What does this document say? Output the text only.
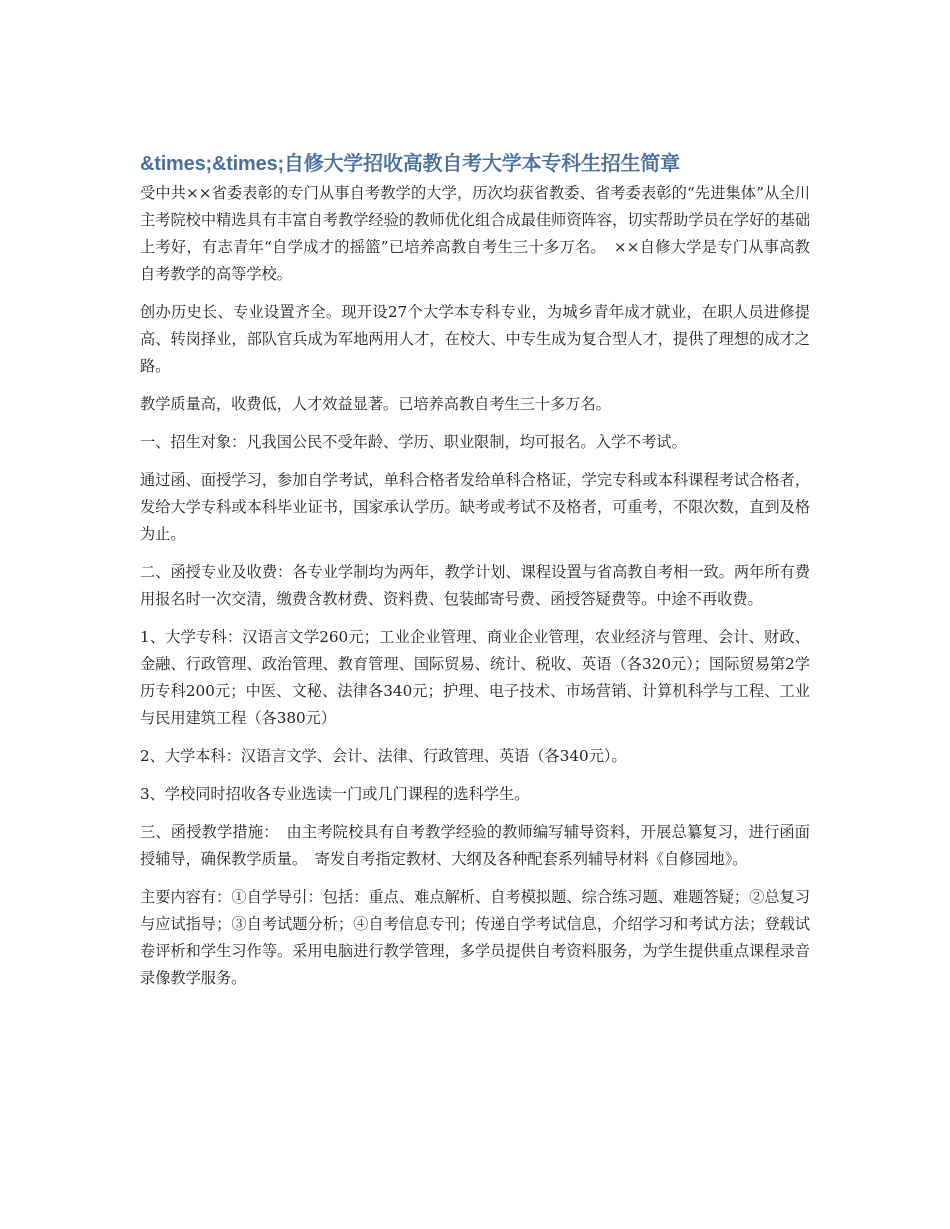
&times;&times;自修大学招收高教自考大学本专科生招生简章

受中共××省委表彰的专门从事自考教学的大学，历次均获省教委、省考委表彰的“先进集体”从全川主考院校中精选具有丰富自考教学经验的教师优化组合成最佳师资阵容，切实帮助学员在学好的基础上考好，有志青年“自学成才的摇篮”已培养高教自考生三十多万名。　××自修大学是专门从事高教自考教学的高等学校。

创办历史长、专业设置齐全。现开设27个大学本专科专业，为城乡青年成才就业，在职人员进修提高、转岗择业，部队官兵成为军地两用人才，在校大、中专生成为复合型人才，提供了理想的成才之路。

教学质量高，收费低，人才效益显著。已培养高教自考生三十多万名。

一、招生对象：凡我国公民不受年龄、学历、职业限制，均可报名。入学不考试。

通过函、面授学习，参加自学考试，单科合格者发给单科合格证，学完专科或本科课程考试合格者，发给大学专科或本科毕业证书，国家承认学历。缺考或考试不及格者，可重考，不限次数，直到及格为止。

二、函授专业及收费：各专业学制均为两年，教学计划、课程设置与省高教自考相一致。两年所有费用报名时一次交清，缴费含教材费、资料费、包装邮寄号费、函授答疑费等。中途不再收费。

1、大学专科：汉语言文学260元；工业企业管理、商业企业管理，农业经济与管理、会计、财政、金融、行政管理、政治管理、教育管理、国际贸易、统计、税收、英语（各320元）；国际贸易第2学历专科200元；中医、文秘、法律各340元；护理、电子技术、市场营销、计算机科学与工程、工业与民用建筑工程（各380元）

2、大学本科：汉语言文学、会计、法律、行政管理、英语（各340元）。

3、学校同时招收各专业选读一门或几门课程的选科学生。

三、函授教学措施：　由主考院校具有自考教学经验的教师编写辅导资料，开展总纂复习，进行函面授辅导，确保教学质量。　寄发自考指定教材、大纲及各种配套系列辅导材料《自修园地》。

主要内容有：①自学导引：包括：重点、难点解析、自考模拟题、综合练习题、难题答疑；②总复习与应试指导；③自考试题分析；④自考信息专刊；传递自学考试信息，介绍学习和考试方法；登载试卷评析和学生习作等。采用电脑进行教学管理，多学员提供自考资料服务，为学生提供重点课程录音录像教学服务。
